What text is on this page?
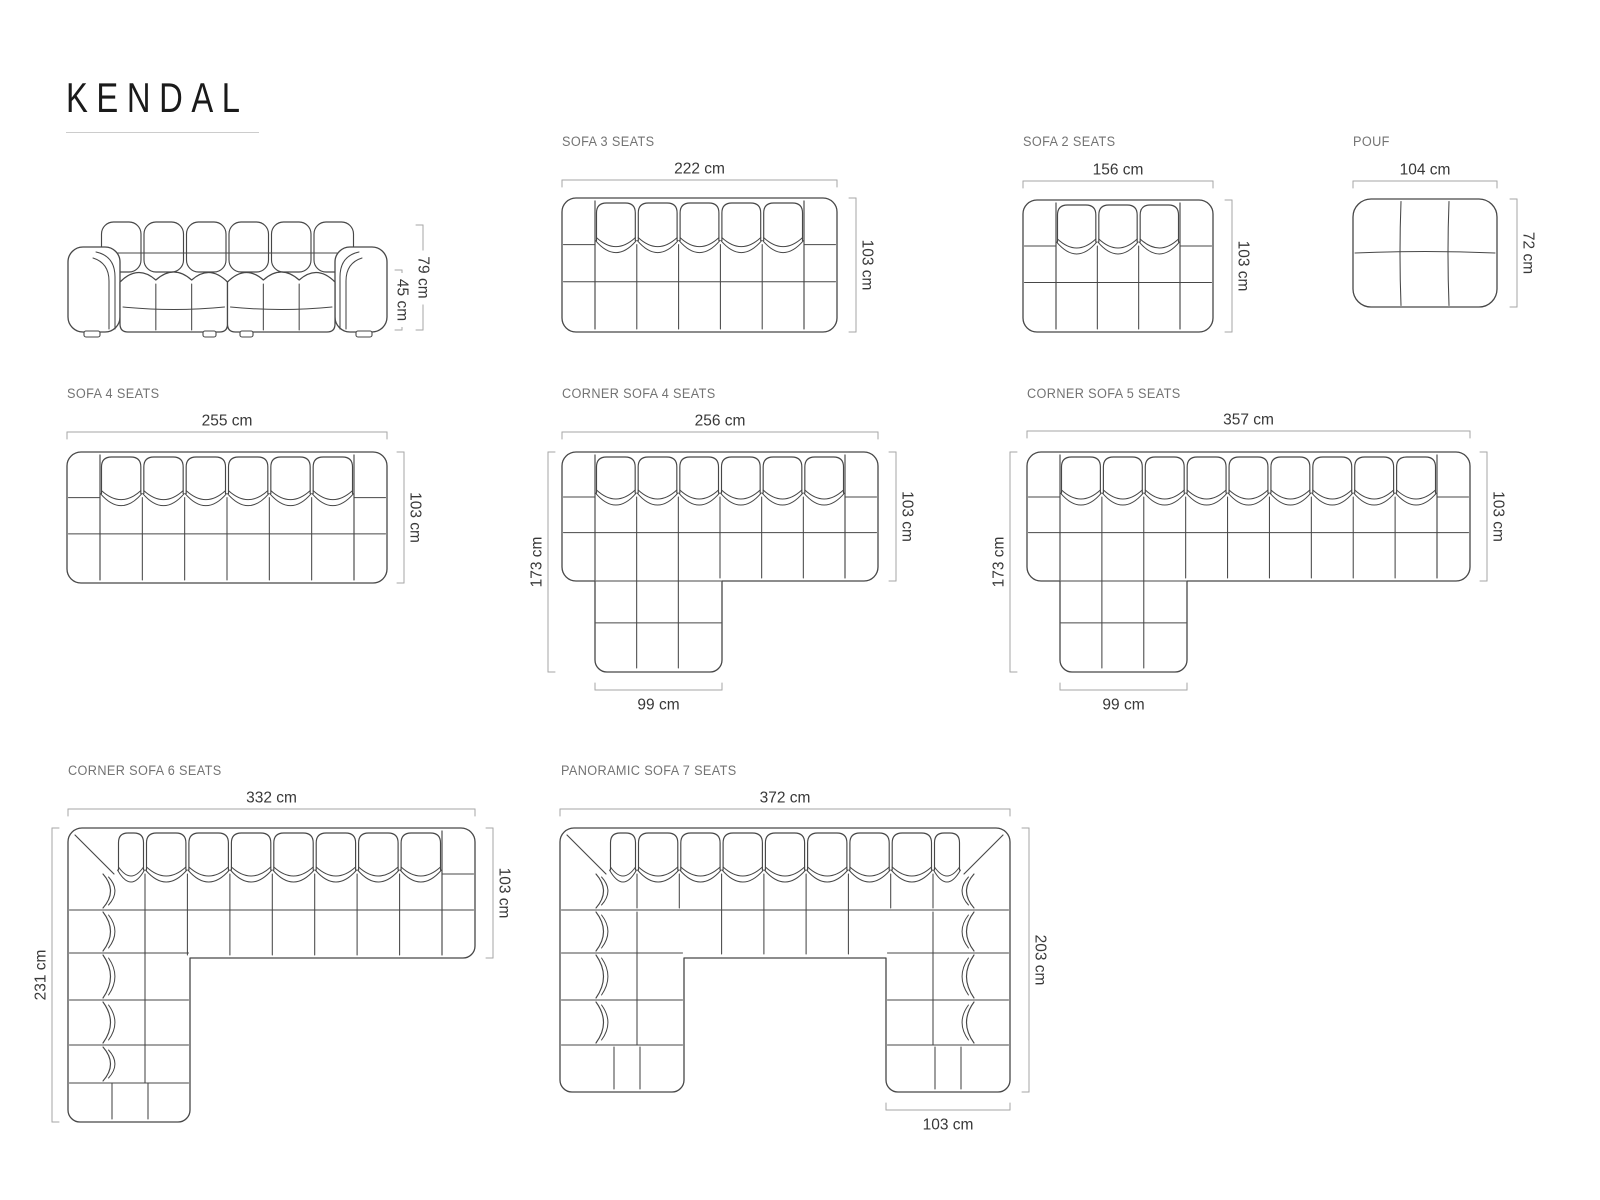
KENDAL
SOFA 3 SEATS	SOFA 2 SEATS	POUF
SOFA 4 SEATS	CORNER SOFA 4 SEATS	CORNER SOFA 5 SEATS
CORNER SOFA 6 SEATS	PANORAMIC SOFA 7 SEATS
79 cm
45 cm
222 cm
103 cm
156 cm
103 cm
104 cm
72 cm
255 cm
103 cm
256 cm
103 cm
173 cm
99 cm
357 cm
103 cm
173 cm
99 cm
332 cm
103 cm
231 cm
372 cm
203 cm
103 cm
